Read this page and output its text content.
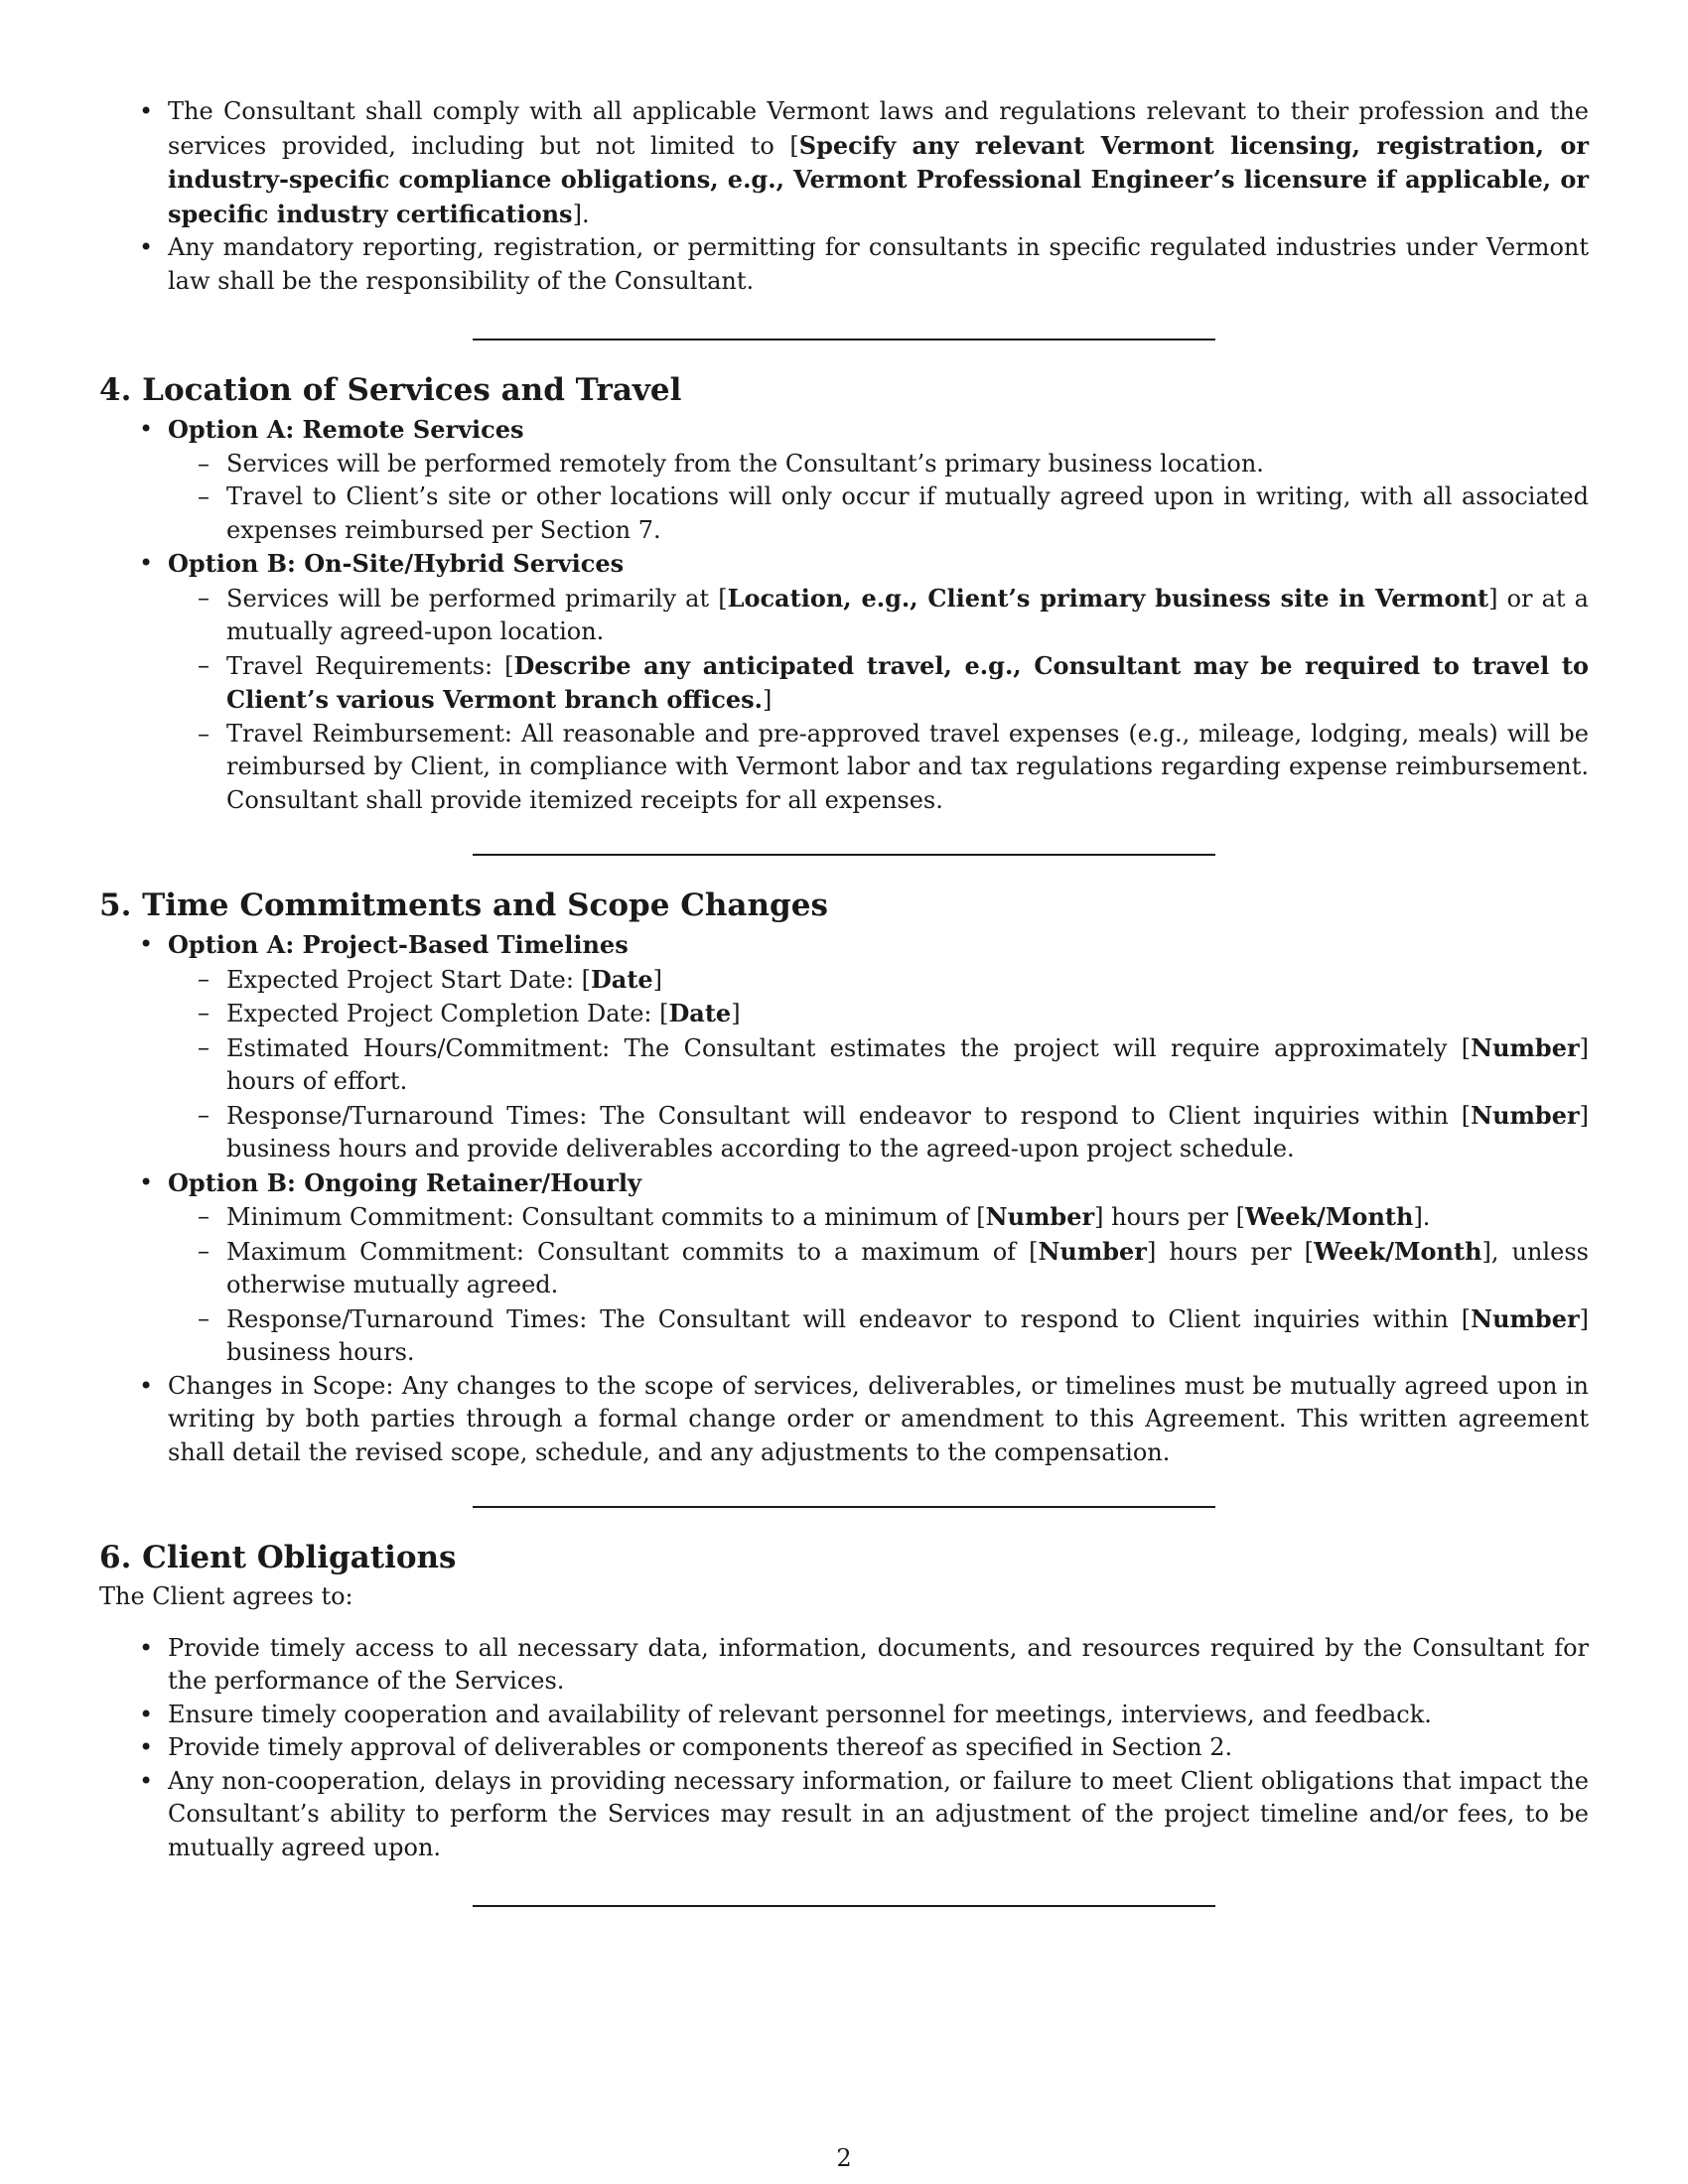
• The Consultant shall comply with all applicable Vermont laws and regulations relevant to their profession and the services provided, including but not limited to [Specify any relevant Vermont licensing, registration, or industry-specific compliance obligations, e.g., Vermont Professional Engineer’s licensure if applicable, or specific industry certifications].
• Any mandatory reporting, registration, or permitting for consultants in specific regulated industries under Vermont law shall be the responsibility of the Consultant.
4. Location of Services and Travel
• Option A: Remote Services
– Services will be performed remotely from the Consultant’s primary business location.
– Travel to Client’s site or other locations will only occur if mutually agreed upon in writing, with all associated expenses reimbursed per Section 7.
• Option B: On-Site/Hybrid Services
– Services will be performed primarily at [Location, e.g., Client’s primary business site in Vermont] or at a mutually agreed-upon location.
– Travel Requirements: [Describe any anticipated travel, e.g., Consultant may be required to travel to Client’s various Vermont branch offices.]
– Travel Reimbursement: All reasonable and pre-approved travel expenses (e.g., mileage, lodging, meals) will be reimbursed by Client, in compliance with Vermont labor and tax regulations regarding expense reimbursement. Consultant shall provide itemized receipts for all expenses.
5. Time Commitments and Scope Changes
• Option A: Project-Based Timelines
– Expected Project Start Date: [Date]
– Expected Project Completion Date: [Date]
– Estimated Hours/Commitment: The Consultant estimates the project will require approximately [Number] hours of effort.
– Response/Turnaround Times: The Consultant will endeavor to respond to Client inquiries within [Number] business hours and provide deliverables according to the agreed-upon project schedule.
• Option B: Ongoing Retainer/Hourly
– Minimum Commitment: Consultant commits to a minimum of [Number] hours per [Week/Month].
– Maximum Commitment: Consultant commits to a maximum of [Number] hours per [Week/Month], unless otherwise mutually agreed.
– Response/Turnaround Times: The Consultant will endeavor to respond to Client inquiries within [Number] business hours.
• Changes in Scope: Any changes to the scope of services, deliverables, or timelines must be mutually agreed upon in writing by both parties through a formal change order or amendment to this Agreement. This written agreement shall detail the revised scope, schedule, and any adjustments to the compensation.
6. Client Obligations

The Client agrees to:

• Provide timely access to all necessary data, information, documents, and resources required by the Consultant for the performance of the Services.
• Ensure timely cooperation and availability of relevant personnel for meetings, interviews, and feedback.
• Provide timely approval of deliverables or components thereof as specified in Section 2.
• Any non-cooperation, delays in providing necessary information, or failure to meet Client obligations that impact the Consultant’s ability to perform the Services may result in an adjustment of the project timeline and/or fees, to be mutually agreed upon.
2
